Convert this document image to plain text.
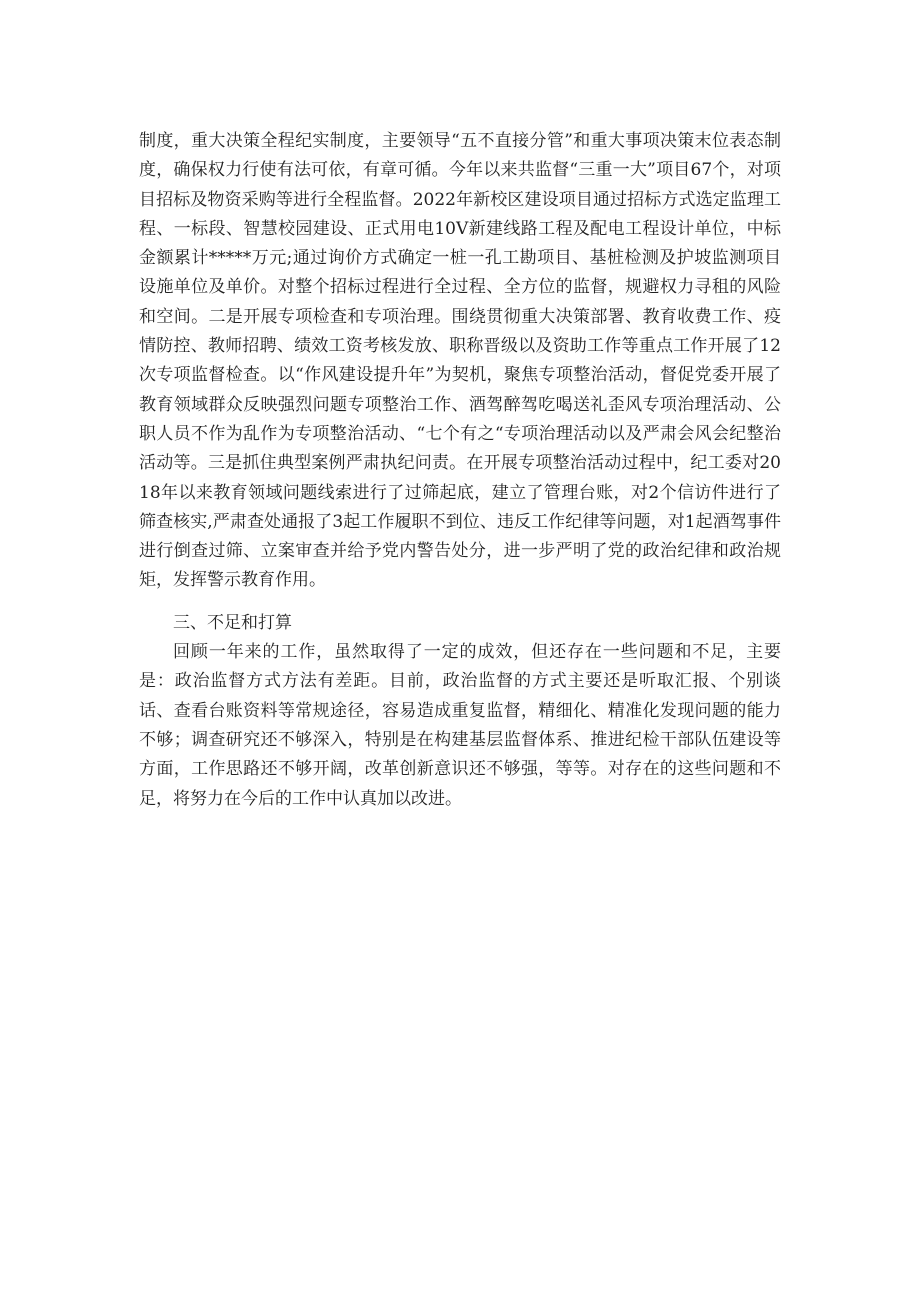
制度，重大决策全程纪实制度，主要领导“五不直接分管”和重大事项决策末位表态制度，确保权力行使有法可依，有章可循。今年以来共监督“三重一大”项目67个，对项目招标及物资采购等进行全程监督。2022年新校区建设项目通过招标方式选定监理工程、一标段、智慧校园建设、正式用电10V新建线路工程及配电工程设计单位，中标金额累计*****万元;通过询价方式确定一桩一孔工勘项目、基桩检测及护坡监测项目设施单位及单价。对整个招标过程进行全过程、全方位的监督，规避权力寻租的风险和空间。二是开展专项检查和专项治理。围绕贯彻重大决策部署、教育收费工作、疫情防控、教师招聘、绩效工资考核发放、职称晋级以及资助工作等重点工作开展了12次专项监督检查。以“作风建设提升年”为契机，聚焦专项整治活动，督促党委开展了教育领域群众反映强烈问题专项整治工作、酒驾醉驾吃喝送礼歪风专项治理活动、公职人员不作为乱作为专项整治活动、“七个有之“专项治理活动以及严肃会风会纪整治活动等。三是抓住典型案例严肃执纪问责。在开展专项整治活动过程中，纪工委对2018年以来教育领域问题线索进行了过筛起底，建立了管理台账，对2个信访件进行了筛查核实,严肃查处通报了3起工作履职不到位、违反工作纪律等问题，对1起酒驾事件进行倒查过筛、立案审查并给予党内警告处分，进一步严明了党的政治纪律和政治规矩，发挥警示教育作用。

三、不足和打算

回顾一年来的工作，虽然取得了一定的成效，但还存在一些问题和不足，主要是：政治监督方式方法有差距。目前，政治监督的方式主要还是听取汇报、个别谈话、查看台账资料等常规途径，容易造成重复监督，精细化、精准化发现问题的能力不够；调查研究还不够深入，特别是在构建基层监督体系、推进纪检干部队伍建设等方面，工作思路还不够开阔，改革创新意识还不够强，等等。对存在的这些问题和不足，将努力在今后的工作中认真加以改进。
